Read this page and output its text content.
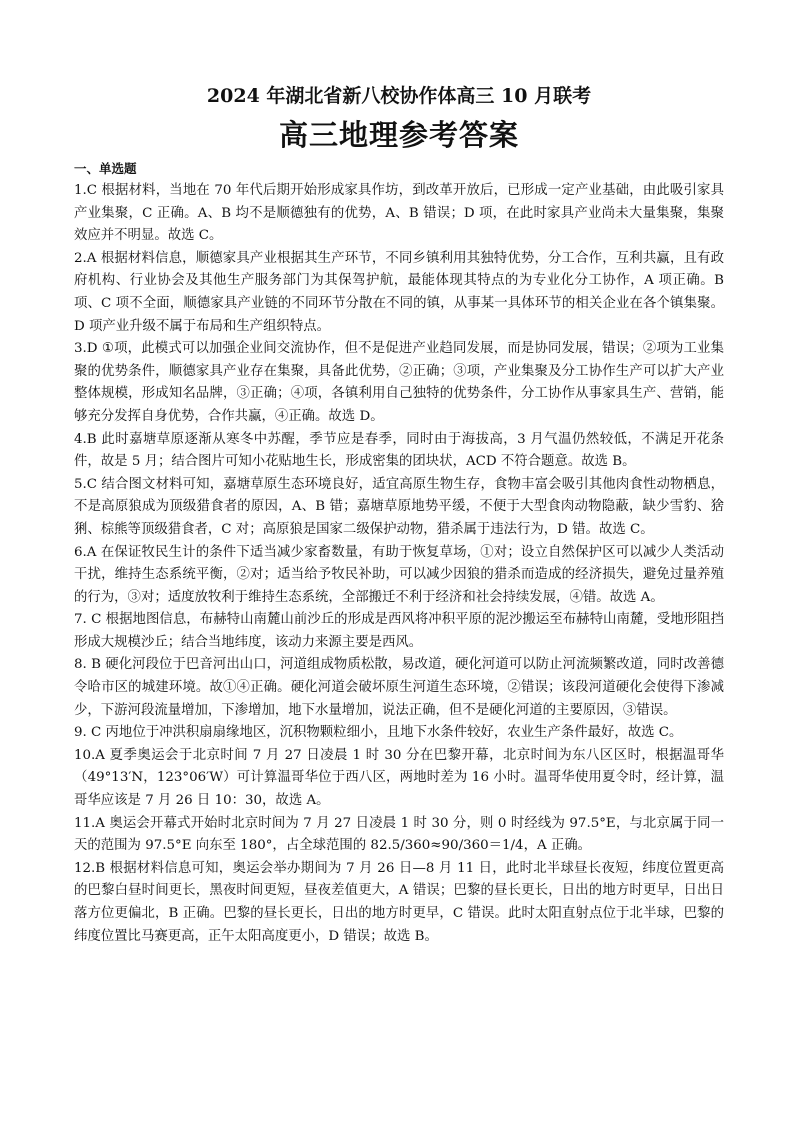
2024 年湖北省新八校协作体高三 10 月联考
高三地理参考答案

一、单选题

1.C 根据材料，当地在 70 年代后期开始形成家具作坊，到改革开放后，已形成一定产业基础，由此吸引家具产业集聚，C 正确。A、B 均不是顺德独有的优势，A、B 错误；D 项，在此时家具产业尚未大量集聚，集聚效应并不明显。故选 C。

2.A 根据材料信息，顺德家具产业根据其生产环节，不同乡镇利用其独特优势，分工合作，互利共赢，且有政府机构、行业协会及其他生产服务部门为其保驾护航，最能体现其特点的为专业化分工协作，A 项正确。B 项、C 项不全面，顺德家具产业链的不同环节分散在不同的镇，从事某一具体环节的相关企业在各个镇集聚。D 项产业升级不属于布局和生产组织特点。

3.D ①项，此模式可以加强企业间交流协作，但不是促进产业趋同发展，而是协同发展，错误；②项为工业集聚的优势条件，顺德家具产业存在集聚，具备此优势，②正确；③项，产业集聚及分工协作生产可以扩大产业整体规模，形成知名品牌，③正确；④项，各镇利用自己独特的优势条件，分工协作从事家具生产、营销，能够充分发挥自身优势，合作共赢，④正确。故选 D。

4.B 此时嘉塘草原逐渐从寒冬中苏醒，季节应是春季，同时由于海拔高，3 月气温仍然较低，不满足开花条件，故是 5 月；结合图片可知小花贴地生长，形成密集的团块状，ACD 不符合题意。故选 B。

5.C 结合图文材料可知，嘉塘草原生态环境良好，适宜高原生物生存，食物丰富会吸引其他肉食性动物栖息，不是高原狼成为顶级猎食者的原因，A、B 错；嘉塘草原地势平缓，不便于大型食肉动物隐蔽，缺少雪豹、猞猁、棕熊等顶级猎食者，C 对；高原狼是国家二级保护动物，猎杀属于违法行为，D 错。故选 C。

6.A 在保证牧民生计的条件下适当减少家畜数量，有助于恢复草场，①对；设立自然保护区可以减少人类活动干扰，维持生态系统平衡，②对；适当给予牧民补助，可以减少因狼的猎杀而造成的经济损失，避免过量养殖的行为，③对；适度放牧利于维持生态系统，全部搬迁不利于经济和社会持续发展，④错。故选 A。

7. C 根据地图信息，布赫特山南麓山前沙丘的形成是西风将冲积平原的泥沙搬运至布赫特山南麓，受地形阻挡形成大规模沙丘；结合当地纬度，该动力来源主要是西风。

8. B 硬化河段位于巴音河出山口，河道组成物质松散，易改道，硬化河道可以防止河流频繁改道，同时改善德令哈市区的城建环境。故①④正确。硬化河道会破坏原生河道生态环境，②错误；该段河道硬化会使得下渗减少，下游河段流量增加，下渗增加，地下水量增加，说法正确，但不是硬化河道的主要原因，③错误。

9. C 丙地位于冲洪积扇扇缘地区，沉积物颗粒细小，且地下水条件较好，农业生产条件最好，故选 C。

10.A 夏季奥运会于北京时间 7 月 27 日凌晨 1 时 30 分在巴黎开幕，北京时间为东八区区时，根据温哥华（49°13′N，123°06′W）可计算温哥华位于西八区，两地时差为 16 小时。温哥华使用夏令时，经计算，温哥华应该是 7 月 26 日 10：30，故选 A。

11.A 奥运会开幕式开始时北京时间为 7 月 27 日凌晨 1 时 30 分，则 0 时经线为 97.5°E，与北京属于同一天的范围为 97.5°E 向东至 180°，占全球范围的 82.5/360≈90/360＝1/4，A 正确。

12.B 根据材料信息可知，奥运会举办期间为 7 月 26 日—8 月 11 日，此时北半球昼长夜短，纬度位置更高的巴黎白昼时间更长，黑夜时间更短，昼夜差值更大，A 错误；巴黎的昼长更长，日出的地方时更早，日出日落方位更偏北，B 正确。巴黎的昼长更长，日出的地方时更早，C 错误。此时太阳直射点位于北半球，巴黎的纬度位置比马赛更高，正午太阳高度更小，D 错误；故选 B。
